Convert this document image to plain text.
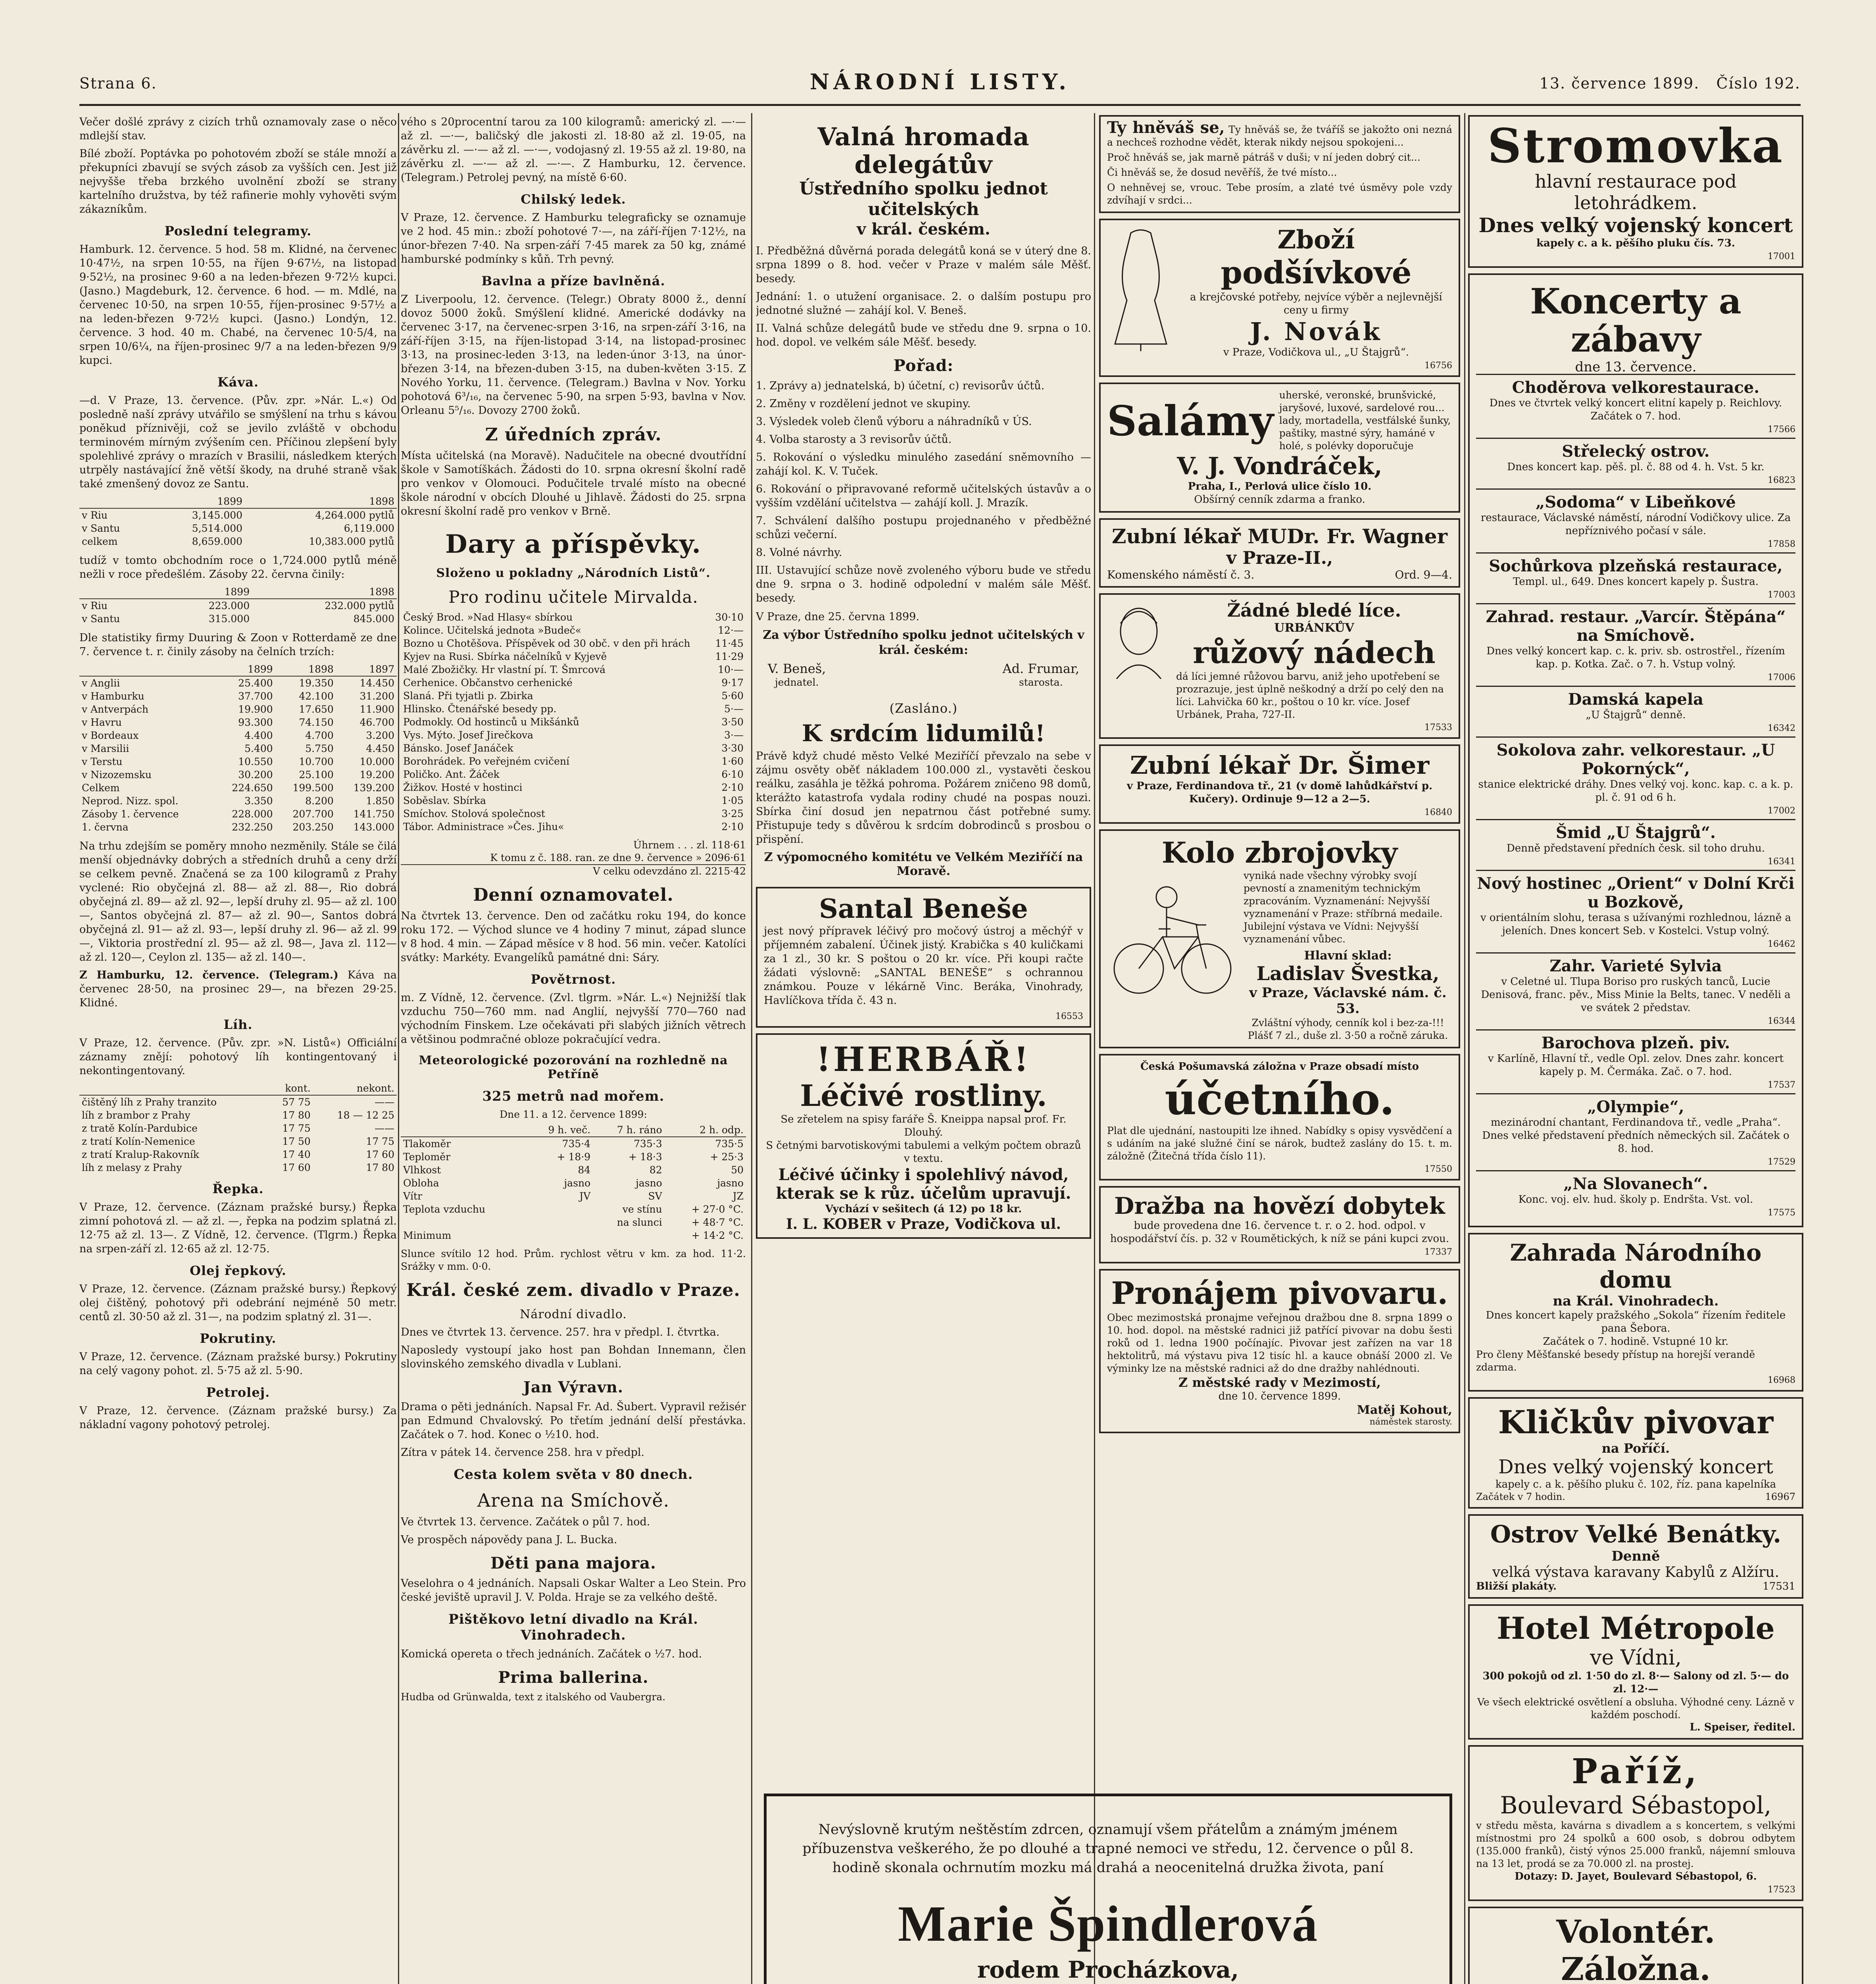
Strana 6.	NÁRODNÍ LISTY.	13. července 1899. Číslo 192.

Večer došlé zprávy z cizích trhů oznamovaly zase o něco mdlejší stav.

Bílé zboží. Poptávka po pohotovém zboží se stále množí a překupníci zbavují se svých zásob za vyšších cen. Jest již nejvyšše třeba brzkého uvolnění zboží se strany kartelního družstva, by též rafinerie mohly vyhověti svým zákazníkům.

Poslední telegramy.

Hamburk. 12. července. 5 hod. 58 m. Klidné, na červenec 10·47½, na srpen 10·55, na říjen 9·67½, na listopad 9·52½, na prosinec 9·60 a na leden-březen 9·72½ kupci. (Jasno.) Magdeburk, 12. července. 6 hod. — m. Mdlé, na červenec 10·50, na srpen 10·55, říjen-prosinec 9·57½ a na leden-březen 9·72½ kupci. (Jasno.) Londýn, 12. července. 3 hod. 40 m. Chabé, na červenec 10·5/4, na srpen 10/6¼, na říjen-prosinec 9/7 a na leden-březen 9/9 kupci.

Káva.

—d. V Praze, 13. července. (Pův. zpr. »Nár. L.«) Od posledně naší zprávy utvářilo se smýšlení na trhu s kávou poněkud příznivěji, což se jevilo zvláště v obchodu terminovém mírným zvýšením cen. Příčinou zlepšení byly spolehlivé zprávy o mrazích v Brasilii, následkem kterých utrpěly nastávající žně větší škody, na druhé straně však také zmenšený dovoz ze Santu.

	1899	1898
v Riu	3,145.000	4,264.000 pytlů
v Santu	5,514.000	6,119.000
celkem	8,659.000	10,383.000 pytlů

tudíž v tomto obchodním roce o 1,724.000 pytlů méně nežli v roce předešlém. Zásoby 22. června činily:

	1899	1898
v Riu	223.000	232.000 pytlů
v Santu	315.000	845.000

Dle statistiky firmy Duuring & Zoon v Rotterdamě ze dne 7. července t. r. činily zásoby na čelních trzích:

	1899	1898	1897
v Anglii	25.400	19.350	14.450
v Hamburku	37.700	42.100	31.200
v Antverpách	19.900	17.650	11.900
v Havru	93.300	74.150	46.700
v Bordeaux	4.400	4.700	3.200
v Marsilii	5.400	5.750	4.450
v Terstu	10.550	10.700	10.000
v Nizozemsku	30.200	25.100	19.200
Celkem	224.650	199.500	139.200
Neprod. Nizz. spol.	3.350	8.200	1.850
Zásoby 1. července	228.000	207.700	141.750
1. června	232.250	203.250	143.000

Na trhu zdejším se poměry mnoho nezměnily. Stále se čilá menší objednávky dobrých a středních druhů a ceny drží se celkem pevně. Značená se za 100 kilogramů z Prahy vyclené: Rio obyčejná zl. 88— až zl. 88—, Rio dobrá obyčejná zl. 89— až zl. 92—, lepší druhy zl. 95— až zl. 100—, Santos obyčejná zl. 87— až zl. 90—, Santos dobrá obyčejná zl. 91— až zl. 93—, lepší druhy zl. 96— až zl. 99—, Viktoria prostřední zl. 95— až zl. 98—, Java zl. 112— až zl. 120—, Ceylon zl. 135— až zl. 140—.

Z Hamburku, 12. července. (Telegram.) Káva na červenec 28·50, na prosinec 29—, na březen 29·25. Klidné.

Líh.

V Praze, 12. července. (Pův. zpr. »N. Listů«) Officiální záznamy znějí: pohotový líh kontingentovaný i nekontingentovaný.

	kont.	nekont.
čištěný líh z Prahy tranzito	57 75	——
líh z brambor z Prahy	17 80	18 — 12 25
z tratě Kolín-Pardubice	17 75	——
z tratí Kolín-Nemenice	17 50	17 75
z tratí Kralup-Rakovník	17 40	17 60
líh z melasy z Prahy	17 60	17 80
Řepka.

V Praze, 12. července. (Záznam pražské bursy.) Řepka zimní pohotová zl. — až zl. —, řepka na podzim splatná zl. 12·75 až zl. 13—. Z Vídně, 12. července. (Tlgrm.) Řepka na srpen-září zl. 12·65 až zl. 12·75.

Olej řepkový.

V Praze, 12. července. (Záznam pražské bursy.) Řepkový olej čištěný, pohotový při odebrání nejméně 50 metr. centů zl. 30·50 až zl. 31—, na podzim splatný zl. 31—.

Pokrutiny.

V Praze, 12. července. (Záznam pražské bursy.) Pokrutiny na celý vagony pohot. zl. 5·75 až zl. 5·90.

Petrolej.

V Praze, 12. července. (Záznam pražské bursy.) Za nákladní vagony pohotový petrolej.

vého s 20procentní tarou za 100 kilogramů: americký zl. —·— až zl. —·—, baličský dle jakosti zl. 18·80 až zl. 19·05, na závěrku zl. —·— až zl. —·—, vodojasný zl. 19·55 až zl. 19·80, na závěrku zl. —·— až zl. —·—. Z Hamburku, 12. července. (Telegram.) Petrolej pevný, na místě 6·60.

Chilský ledek.

V Praze, 12. července. Z Hamburku telegraficky se oznamuje ve 2 hod. 45 min.: zboží pohotové 7·—, na září-říjen 7·12½, na únor-březen 7·40. Na srpen-září 7·45 marek za 50 kg, známé hamburské podmínky s kůň. Trh pevný.

Bavlna a příze bavlněná.

Z Liverpoolu, 12. července. (Telegr.) Obraty 8000 ž., denní dovoz 5000 žoků. Smýšlení klidné. Americké dodávky na červenec 3·17, na červenec-srpen 3·16, na srpen-září 3·16, na září-říjen 3·15, na říjen-listopad 3·14, na listopad-prosinec 3·13, na prosinec-leden 3·13, na leden-únor 3·13, na únor-březen 3·14, na březen-duben 3·15, na duben-květen 3·15. Z Nového Yorku, 11. července. (Telegram.) Bavlna v Nov. Yorku pohotová 6³/₁₆, na červenec 5·90, na srpen 5·93, bavlna v Nov. Orleanu 5⁵/₁₆. Dovozy 2700 žoků.

Z úředních zpráv.

Místa učitelská (na Moravě). Nadučitele na obecné dvoutřídní škole v Samotíškách. Žádosti do 10. srpna okresní školní radě pro venkov v Olomouci. Podučitele trvalé místo na obecné škole národní v obcích Dlouhé u Jihlavě. Žádosti do 25. srpna okresní školní radě pro venkov v Brně.

Dary a příspěvky.
Složeno u pokladny „Národních Listů“.
Pro rodinu učitele Mirvalda.
Český Brod. »Nad Hlasy« sbírkou	30·10
Kolince. Učitelská jednota »Budeč«	12·—
Bozno u Chotěšova. Příspěvek od 30 obč. v den při hrách	11·45
Kyjev na Rusi. Sbírka náčelníků v Kyjevě	11·29
Malé Zbožičky. Hr vlastní pí. T. Šmrcová	10·—
Cerhenice. Občanstvo cerhenické	9·17
Slaná. Při tyjatli p. Zbirka	5·60
Hlinsko. Čtenářské besedy pp.	5·—
Podmokly. Od hostinců u Mikšánků	3·50
Vys. Mýto. Josef Jirečkova	3·—
Bánsko. Josef Janáček	3·30
Borohrádek. Po veřejném cvičení	1·60
Poličko. Ant. Žáček	6·10
Žižkov. Hosté v hostinci	2·10
Soběslav. Sbírka	1·05
Smíchov. Stolová společnost	3·25
Tábor. Administrace »Čes. Jihu«	2·10
Úhrnem . . . zl. 118·61
K tomu z č. 188. ran. ze dne 9. července » 2096·61
V celku odevzdáno zl. 2215·42
Denní oznamovatel.

Na čtvrtek 13. července. Den od začátku roku 194, do konce roku 172. — Východ slunce ve 4 hodiny 7 minut, západ slunce v 8 hod. 4 min. — Západ měsíce v 8 hod. 56 min. večer. Katolíci svátky: Markéty. Evangelíků památné dni: Sáry.

Povětrnost.

m. Z Vídně, 12. července. (Zvl. tlgrm. »Nár. L.«) Nejnižší tlak vzduchu 750—760 mm. nad Anglií, nejvyšší 770—760 nad východním Finskem. Lze očekávati při slabých jižních větrech a většinou podmračné obloze pokračující vedra.

Meteorologické pozorování na rozhledně na Petříně
325 metrů nad mořem.
Dne 11. a 12. července 1899:
	9 h. več.	7 h. ráno	2 h. odp.
Tlakoměr	735·4	735·3	735·5
Teploměr	+ 18·9	+ 18·3	+ 25·3
Vlhkost	84	82	50
Obloha	jasno	jasno	jasno
Vítr	JV	SV	JZ
Teplota vzduchu		ve stínu	+ 27·0 °C.
		na slunci	+ 48·7 °C.
Minimum			+ 14·2 °C.

Slunce svítilo 12 hod. Prům. rychlost větru v km. za hod. 11·2. Srážky v mm. 0·0.

Král. české zem. divadlo v Praze.
Národní divadlo.

Dnes ve čtvrtek 13. července. 257. hra v předpl. I. čtvrtka.

Naposledy vystoupí jako host pan Bohdan Innemann, člen slovinského zemského divadla v Lublani.

Jan Výravn.

Drama o pěti jednáních. Napsal Fr. Ad. Šubert. Vypravil režisér pan Edmund Chvalovský. Po třetím jednání delší přestávka. Začátek o 7. hod. Konec o ½10. hod.

Zítra v pátek 14. července 258. hra v předpl.

Cesta kolem světa v 80 dnech.
Arena na Smíchově.

Ve čtvrtek 13. července. Začátek o půl 7. hod.

Ve prospěch nápovědy pana J. L. Bucka.

Děti pana majora.

Veselohra o 4 jednáních. Napsali Oskar Walter a Leo Stein. Pro české jeviště upravil J. V. Polda. Hraje se za velkého deště.

Pištěkovo letní divadlo na Král. Vinohradech.

Komická opereta o třech jednáních. Začátek o ½7. hod.

Prima ballerina.

Hudba od Grünwalda, text z italského od Vaubergra.

Valná hromada delegátův
Ústředního spolku jednot učitelských
v král. českém.

I. Předběžná důvěrná porada delegátů koná se v úterý dne 8. srpna 1899 o 8. hod. večer v Praze v malém sále Měšť. besedy.

Jednání: 1. o utužení organisace. 2. o dalším postupu pro jednotné služné — zahájí kol. V. Beneš.

II. Valná schůze delegátů bude ve středu dne 9. srpna o 10. hod. dopol. ve velkém sále Měšť. besedy.

Pořad:

1. Zprávy a) jednatelská, b) účetní, c) revisorův účtů.

2. Změny v rozdělení jednot ve skupiny.

3. Výsledek voleb členů výboru a náhradníků v ÚS.

4. Volba starosty a 3 revisorův účtů.

5. Rokování o výsledku minulého zasedání sněmovního — zahájí kol. K. V. Tuček.

6. Rokování o připravované reformě učitelských ústavův a o vyšším vzdělání učitelstva — zahájí koll. J. Mrazík.

7. Schválení dalšího postupu projednaného v předběžné schůzi večerní.

8. Volné návrhy.

III. Ustavující schůze nově zvoleného výboru bude ve středu dne 9. srpna o 3. hodině odpolední v malém sále Měšť. besedy.

V Praze, dne 25. června 1899.

Za výbor Ústředního spolku jednot učitelských v král. českém:
V. Beneš,
jednatel.
Ad. Frumar,
starosta.
(Zasláno.)
K srdcím lidumilů!

Právě když chudé město Velké Meziříčí převzalo na sebe v zájmu osvěty oběť nákladem 100.000 zl., vystavěti českou reálku, zasáhla je těžká pohroma. Požárem zničeno 98 domů, kterážto katastrofa vydala rodiny chudé na pospas nouzi. Sbírka činí dosud jen nepatrnou část potřebné sumy. Přistupuje tedy s důvěrou k srdcím dobrodinců s prosbou o přispění.

Z výpomocného komitétu ve Velkém Meziříčí na Moravě.
Santal Beneše

jest nový přípravek léčivý pro močový ústroj a měchýř v příjemném zabalení. Účinek jistý. Krabička s 40 kuličkami za 1 zl., 30 kr. S poštou o 20 kr. více. Při koupi račte žádati výslovně: „SANTAL BENEŠE“ s ochrannou známkou. Pouze v lékárně Vinc. Beráka, Vinohrady, Havlíčkova třída č. 43 n.

16553
!HERBÁŘ!
Léčivé rostliny.
Se zřetelem na spisy faráře Š. Kneippa napsal prof. Fr. Dlouhý.
S četnými barvotiskovými tabulemi a velkým počtem obrazů v textu.
Léčivé účinky i spolehlivý návod, kterak se k růz. účelům upravují.
Vychází v sešitech (á 12) po 18 kr.
I. L. KOBER v Praze, Vodičkova ul.

Ty hněváš se, Ty hněváš se, že tváříš se jakožto oni nezná a nechceš rozhodne vědět, kterak nikdy nejsou spokojeni...

Proč hněváš se, jak marně pátráš v duši; v ní jeden dobrý cit...

Či hněváš se, že dosud nevěříš, že tvé místo...

O nehněvej se, vrouc. Tebe prosím, a zlaté tvé úsměvy pole vzdy zdvíhají v srdci...

Zboží
podšívkové
a krejčovské potřeby, nejvíce výběr a nejlevnější ceny u firmy
J. Novák
v Praze, Vodičkova ul., „U Štajgrů“.
16756
Salámy
uherské, veronské, brunšvické, jaryšové, luxové, sardelové rou... lady, mortadella, vestfálské šunky, paštiky, mastné sýry, hamáné v holé, s polévky doporučuje
V. J. Vondráček,
Praha, I., Perlová ulice číslo 10.
Obšírný cenník zdarma a franko.
Zubní lékař MUDr. Fr. Wagner
v Praze-II.,
Komenského náměstí č. 3.	Ord. 9—4.
Žádné bledé líce.
URBÁNKŮV
růžový nádech
dá líci jemné růžovou barvu, aniž jeho upotřebení se prozrazuje, jest úplně neškodný a drží po celý den na líci. Lahvička 60 kr., poštou o 10 kr. více. Josef Urbánek, Praha, 727-II.
17533
Zubní lékař Dr. Šimer
v Praze, Ferdinandova tř., 21 (v domě lahůdkářství p. Kučery). Ordinuje 9—12 a 2—5.
16840
Kolo zbrojovky
vyniká nade všechny výrobky svojí pevností a znamenitým technickým zpracováním. Vyznamenání: Nejvyšší vyznamenání v Praze: stříbrná medaile. Jubilejní výstava ve Vídni: Nejvyšší vyznamenání vůbec.
Hlavní sklad:
Ladislav Švestka,
v Praze, Václavské nám. č. 53.
Zvláštní výhody, cenník kol i bez-za-!!! Plášť 7 zl., duše zl. 3·50 a ročně záruka.
Česká Pošumavská záložna v Praze obsadí místo
účetního.
Plat dle ujednání, nastoupiti lze ihned. Nabídky s opisy vysvědčení a s udáním na jaké služné činí se nárok, budtež zaslány do 15. t. m. záložně (Žitečná třída číslo 11).
17550
Dražba na hovězí dobytek
bude provedena dne 16. července t. r. o 2. hod. odpol. v hospodářství čís. p. 32 v Roumětických, k níž se páni kupci zvou.
17337
Pronájem pivovaru.
Obec mezimostská pronajme veřejnou dražbou dne 8. srpna 1899 o 10. hod. dopol. na městské radnici již patřící pivovar na dobu šesti roků od 1. ledna 1900 počínajíc. Pivovar jest zařízen na var 18 hektolitrů, má výstavu piva 12 tisíc hl. a kauce obnáší 2000 zl. Ve výminky lze na městské radnici až do dne dražby nahlédnouti.
Z městské rady v Mezimostí,
dne 10. července 1899.
Matěj Kohout,
náměstek starosty.
Nevýslovně krutým neštěstím zdrcen, oznamují všem přátelům a známým jménem příbuzenstva veškerého, že po dlouhé a trapné nemoci ve středu, 12. července o půl 8. hodině skonala ochrnutím mozku má drahá a neocenitelná družka života, paní
Marie Špindlerová
rodem Procházkova,
Stromovka
hlavní restaurace pod letohrádkem.
Dnes velký vojenský koncert
kapely c. a k. pěšího pluku čís. 73.
17001
Koncerty a zábavy
dne 13. července.
Choděrova velkorestaurace.
Dnes ve čtvrtek velký koncert elitní kapely p. Reichlovy. Začátek o 7. hod.
17566
Střelecký ostrov.
Dnes koncert kap. pěš. pl. č. 88 od 4. h. Vst. 5 kr.
16823
„Sodoma“ v Libeňkové
restaurace, Václavské náměstí, národní Vodičkovy ulice. Za nepříznivého počasí v sále.
17858
Sochůrkova plzeňská restaurace,
Templ. ul., 649. Dnes koncert kapely p. Šustra.
17003
Zahrad. restaur. „Varcír. Štěpána“ na Smíchově.
Dnes velký koncert kap. c. k. priv. sb. ostrostřel., řízením kap. p. Kotka. Zač. o 7. h. Vstup volný.
17006
Damská kapela
„U Štajgrů“ denně.
16342
Sokolova zahr. velkorestaur. „U Pokornýck“,
stanice elektrické dráhy. Dnes velký voj. konc. kap. c. a k. p. pl. č. 91 od 6 h.
17002
Šmid „U Štajgrů“.
Denně představení předních česk. sil toho druhu.
16341
Nový hostinec „Orient“ v Dolní Krči u Bozkově,
v orientálním slohu, terasa s užívanými rozhlednou, lázně a jeleních. Dnes koncert Seb. v Kostelci. Vstup volný.
16462
Zahr. Varieté Sylvia
v Celetné ul. Tlupa Boriso pro ruských tanců, Lucie Denisová, franc. pěv., Miss Minie la Belts, tanec. V neděli a ve svátek 2 představ.
16344
Barochova plzeň. piv.
v Karlíně, Hlavní tř., vedle Opl. zelov. Dnes zahr. koncert kapely p. M. Čermáka. Zač. o 7. hod.
17537
„Olympie“,
mezinárodní chantant, Ferdinandova tř., vedle „Praha“. Dnes velké představení předních německých sil. Začátek o 8. hod.
17529
„Na Slovanech“.
Konc. voj. elv. hud. školy p. Endršta. Vst. vol.
17575
Zahrada Národního domu
na Král. Vinohradech.
Dnes koncert kapely pražského „Sokola“ řízením ředitele pana Šebora.
Začátek o 7. hodině. Vstupné 10 kr.
Pro členy Měšťanské besedy přístup na horejší verandě zdarma.
16968
Kličkův pivovar
na Poříčí.
Dnes velký vojenský koncert
kapely c. a k. pěšího pluku č. 102, říz. pana kapelníka
Začátek v 7 hodin.	16967
Ostrov Velké Benátky.
Denně
velká výstava karavany Kabylů z Alžíru.
Bližší plakáty.	17531
Hotel Métropole
ve Vídni,
300 pokojů od zl. 1·50 do zl. 8·— Salony od zl. 5·— do zl. 12·—
Ve všech elektrické osvětlení a obsluha. Výhodné ceny. Lázně v každém poschodí.
L. Speiser, ředitel.
Paříž,
Boulevard Sébastopol,
v středu města, kavárna s divadlem a s koncertem, s velkými místnostmi pro 24 spolků a 600 osob, s dobrou odbytem (135.000 franků), čistý výnos 25.000 franků, nájemní smlouva na 13 let, prodá se za 70.000 zl. na prostej.
Dotazy: D. Jayet, Boulevard Sébastopol, 6.
17523
Volontér. Záložna.
